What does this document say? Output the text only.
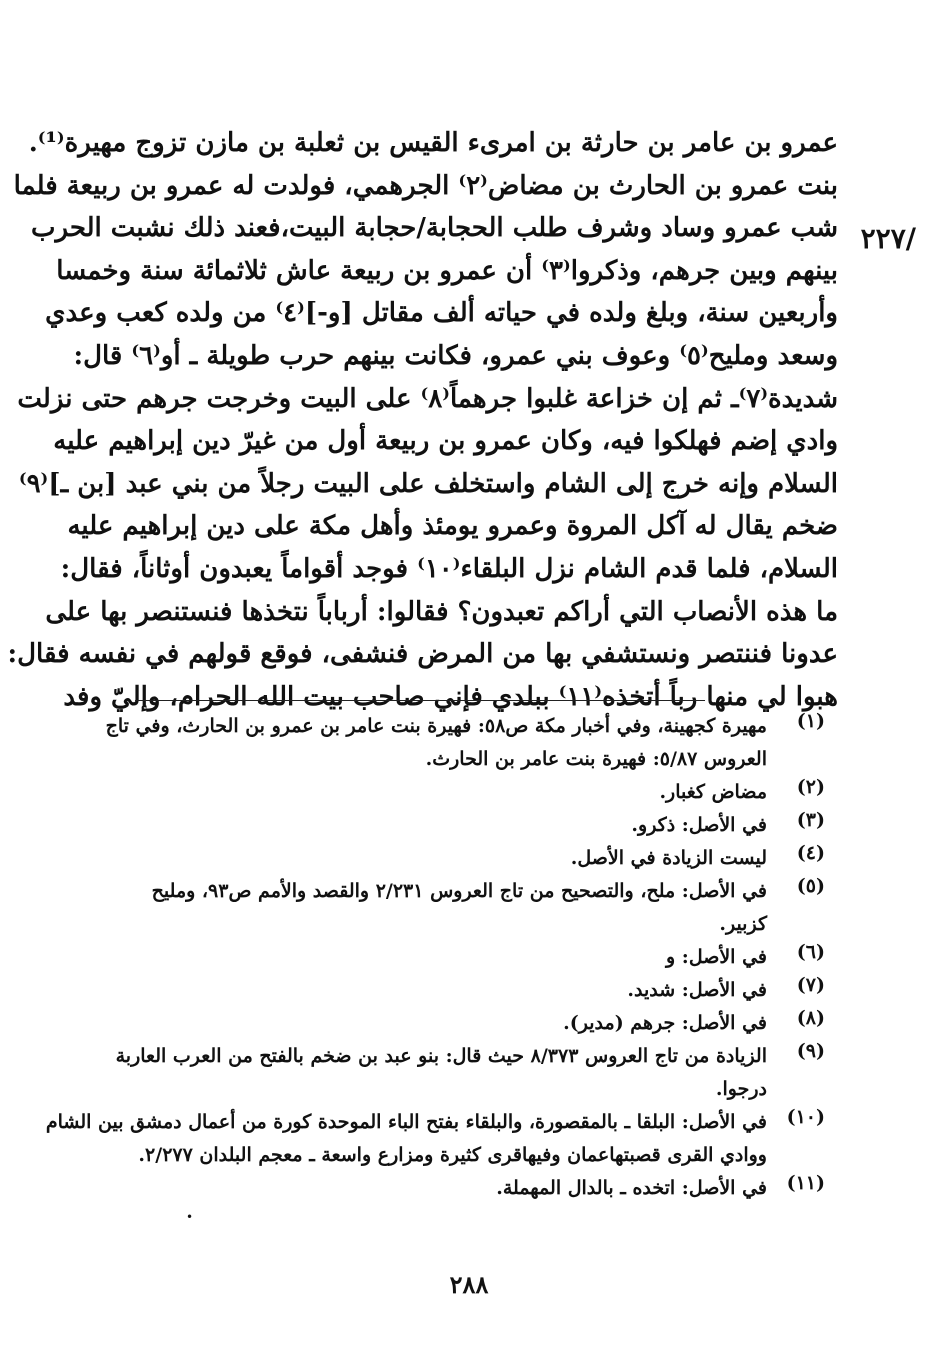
/٢٢٧
عمرو بن عامر بن حارثة بن امرىء القيس بن ثعلبة بن مازن تزوج مهيرة⁽¹⁾.
بنت عمرو بن الحارث بن مضاض⁽٢⁾ الجرهمي، فولدت له عمرو بن ربيعة فلما
شب عمرو وساد وشرف طلب الحجابة/حجابة البيت،فعند ذلك نشبت الحرب
بينهم وبين جرهم، وذكروا⁽٣⁾ أن عمرو بن ربيعة عاش ثلاثمائة سنة وخمسا
وأربعين سنة، وبلغ ولده في حياته ألف مقاتل [و-]⁽٤⁾ من ولده كعب وعدي
وسعد ومليح⁽٥⁾ وعوف بني عمرو، فكانت بينهم حرب طويلة ـ أو⁽٦⁾ قال:
شديدة⁽٧⁾ـ ثم إن خزاعة غلبوا جرهماً⁽٨⁾ على البيت وخرجت جرهم حتى نزلت
وادي إضم فهلكوا فيه، وكان عمرو بن ربيعة أول من غيرّ دين إبراهيم عليه
السلام وإنه خرج إلى الشام واستخلف على البيت رجلاً من بني عبد [بن ـ]⁽٩⁾
ضخم يقال له آكل المروة وعمرو يومئذ وأهل مكة على دين إبراهيم عليه
السلام، فلما قدم الشام نزل البلقاء⁽١٠⁾ فوجد أقواماً يعبدون أوثاناً، فقال:
ما هذه الأنصاب التي أراكم تعبدون؟ فقالوا: أرباباً نتخذها فنستنصر بها على
عدونا فننتصر ونستشفي بها من المرض فنشفى، فوقع قولهم في نفسه فقال:
هبوا لي منها رباً أتخذه⁽١١⁾ ببلدي فإني صاحب بيت الله الحرام، وإليّ وفد
(١)
مهيرة كجهينة، وفي أخبار مكة ص٥٨: فهيرة بنت عامر بن عمرو بن الحارث، وفي تاج
العروس ٥/٨٧: فهيرة بنت عامر بن الحارث.
(٢)
مضاض كغبار.
(٣)
في الأصل: ذكرو.
(٤)
ليست الزيادة في الأصل.
(٥)
في الأصل: ملح، والتصحيح من تاج العروس ٢/٢٣١ والقصد والأمم ص٩٣، ومليح
كزبير.
(٦)
في الأصل: و
(٧)
في الأصل: شديد.
(٨)
في الأصل: جرهم (مدير).
(٩)
الزيادة من تاج العروس ٨/٣٧٣ حيث قال: بنو عبد بن ضخم بالفتح من العرب العاربة
درجوا.
(١٠)
في الأصل: البلقا ـ بالمقصورة، والبلقاء بفتح الباء الموحدة كورة من أعمال دمشق بين الشام
ووادي القرى قصبتهاعمان وفيهاقرى كثيرة ومزارع واسعة ـ معجم البلدان ٢/٢٧٧.
(١١)
في الأصل: اتخده ـ بالدال المهملة.
•
٢٨٨
